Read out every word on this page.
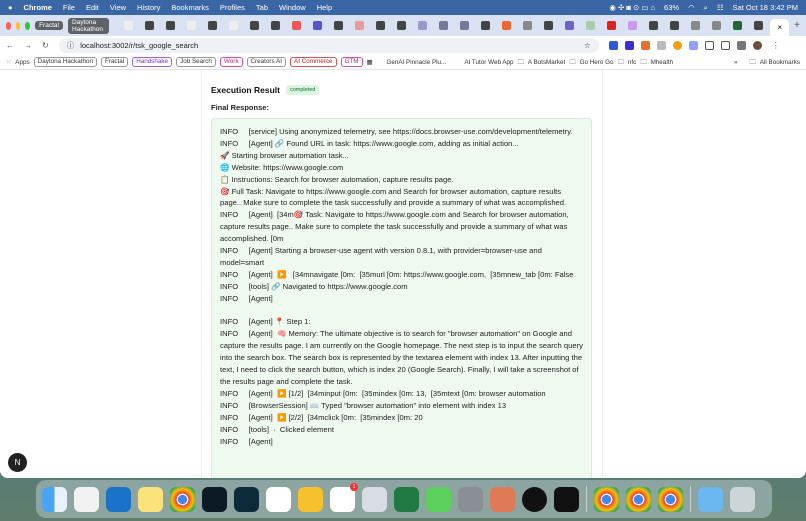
● Chrome File Edit View History Bookmarks Profiles Tab Window Help	◉ ✣ ◙ ⊙ ▭ ⌂ 63% ◠ ⌕ ☷ Sat Oct 18 3:42 PM
Fractal	Daytona Hackathon	× +
← → ↻ ⓘ localhost:3002/r/tsk_google_search	☆	⋮
⁙ Apps	Daytona Hackathon	Fractal	Handshake	Job Search	Work	Creators AI	AI Commerce	GTM	▦ GenAI Pinnacle Plu...	AI Tutor Web App 🗀 A BotsMarket 🗀 Go Hero Go 🗀 nfc 🗀 Mhealth	» 🗀 All Bookmarks
Execution Result	completed
Final Response:
INFO     [service] Using anonymized telemetry, see https://docs.browser-use.com/development/telemetry.
INFO     [Agent] 🔗 Found URL in task: https://www.google.com, adding as initial action...
🚀 Starting browser automation task...
🌐 Website: https://www.google.com
📋 Instructions: Search for browser automation, capture results page.
🎯 Full Task: Navigate to https://www.google.com and Search for browser automation, capture results page.. Make sure to complete the task successfully and provide a summary of what was accomplished.
INFO     [Agent]  [34m🎯 Task: Navigate to https://www.google.com and Search for browser automation, capture results page.. Make sure to complete the task successfully and provide a summary of what was accomplished. [0m
INFO     [Agent] Starting a browser-use agent with version 0.8.1, with provider=browser-use and model=smart
INFO     [Agent]  ▶️   [34mnavigate [0m:  [35murl [0m: https://www.google.com,  [35mnew_tab [0m: False
INFO     [tools] 🔗 Navigated to https://www.google.com
INFO     [Agent]
INFO     [Agent] 📍 Step 1:
INFO     [Agent]  🧠 Memory: The ultimate objective is to search for "browser automation" on Google and capture the results page. I am currently on the Google homepage. The next step is to input the search query into the search box. The search box is represented by the textarea element with index 13. After inputting the text, I need to click the search button, which is index 20 (Google Search). Finally, I will take a screenshot of the results page and complete the task.
INFO     [Agent]  ▶️ [1/2]  [34minput [0m:  [35mindex [0m: 13,  [35mtext [0m: browser automation
INFO     [BrowserSession] ⌨️ Typed "browser automation" into element with index 13
INFO     [Agent]  ▶️ [2/2]  [34mclick [0m:  [35mindex [0m: 20
INFO     [tools]  ·  Clicked element
INFO     [Agent]
N
1
